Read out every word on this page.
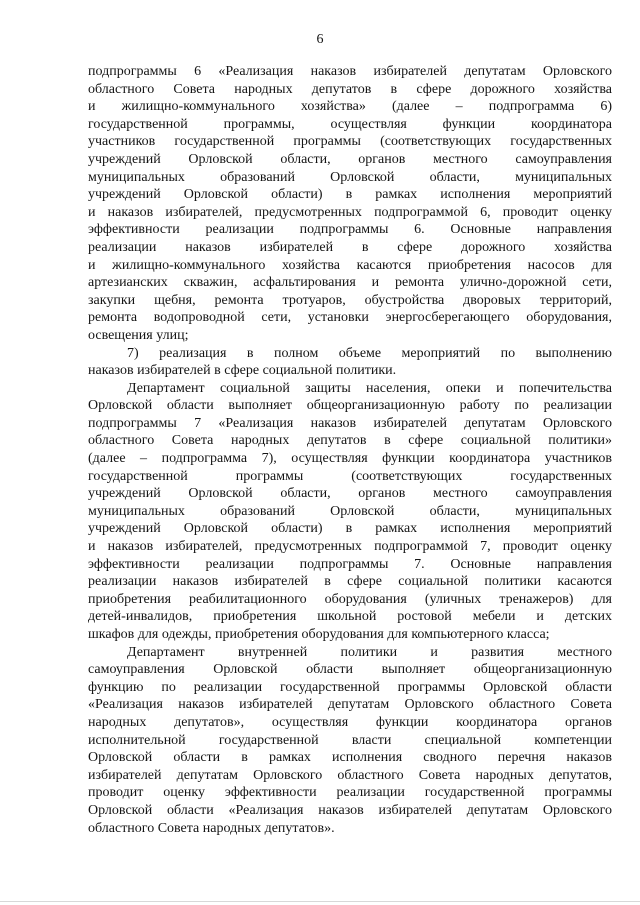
6

подпрограммы 6 «Реализация наказов избирателей депутатам Орловского

областного Совета народных депутатов в сфере дорожного хозяйства

и жилищно-коммунального хозяйства» (далее – подпрограмма 6)

государственной программы, осуществляя функции координатора

участников государственной программы (соответствующих государственных

учреждений Орловской области, органов местного самоуправления

муниципальных образований Орловской области, муниципальных

учреждений Орловской области) в рамках исполнения мероприятий

и наказов избирателей, предусмотренных подпрограммой 6, проводит оценку

эффективности реализации подпрограммы 6. Основные направления

реализации наказов избирателей в сфере дорожного хозяйства

и жилищно-коммунального хозяйства касаются приобретения насосов для

артезианских скважин, асфальтирования и ремонта улично-дорожной сети,

закупки щебня, ремонта тротуаров, обустройства дворовых территорий,

ремонта водопроводной сети, установки энергосберегающего оборудования,

освещения улиц;

7) реализация в полном объеме мероприятий по выполнению

наказов избирателей в сфере социальной политики.

Департамент социальной защиты населения, опеки и попечительства

Орловской области выполняет общеорганизационную работу по реализации

подпрограммы 7 «Реализация наказов избирателей депутатам Орловского

областного Совета народных депутатов в сфере социальной политики»

(далее – подпрограмма 7), осуществляя функции координатора участников

государственной программы (соответствующих государственных

учреждений Орловской области, органов местного самоуправления

муниципальных образований Орловской области, муниципальных

учреждений Орловской области) в рамках исполнения мероприятий

и наказов избирателей, предусмотренных подпрограммой 7, проводит оценку

эффективности реализации подпрограммы 7. Основные направления

реализации наказов избирателей в сфере социальной политики касаются

приобретения реабилитационного оборудования (уличных тренажеров) для

детей-инвалидов, приобретения школьной ростовой мебели и детских

шкафов для одежды, приобретения оборудования для компьютерного класса;

Департамент внутренней политики и развития местного

самоуправления Орловской области выполняет общеорганизационную

функцию по реализации государственной программы Орловской области

«Реализация наказов избирателей депутатам Орловского областного Совета

народных депутатов», осуществляя функции координатора органов

исполнительной государственной власти специальной компетенции

Орловской области в рамках исполнения сводного перечня наказов

избирателей депутатам Орловского областного Совета народных депутатов,

проводит оценку эффективности реализации государственной программы

Орловской области «Реализация наказов избирателей депутатам Орловского

областного Совета народных депутатов».
